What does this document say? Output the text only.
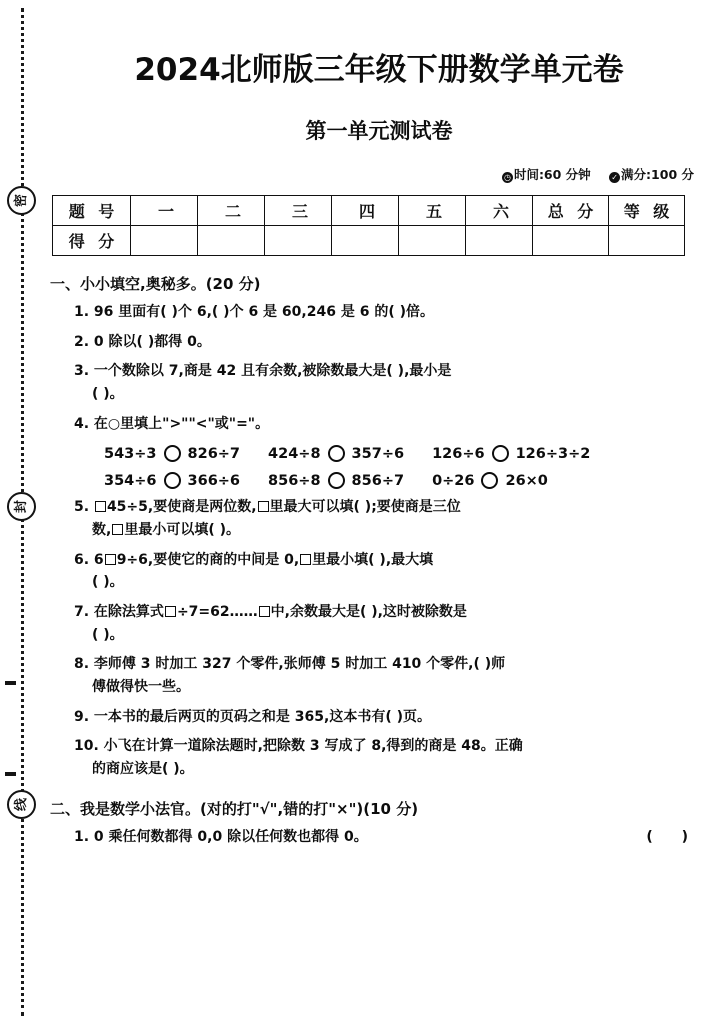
密
封
线
2024北师版三年级下册数学单元卷
第一单元测试卷
◷ 时间:60 分钟	✓ 满分:100 分
题 号	一	二	三	四	五	六	总 分	等 级
得 分								
一、小小填空,奥秘多。(20 分)
1. 96 里面有( )个 6,( )个 6 是 60,246 是 6 的( )倍。
2. 0 除以( )都得 0。
3. 一个数除以 7,商是 42 且有余数,被除数最大是( ),最小是
( )。
4. 在○里填上">""<"或"="。
543÷3 826÷7 424÷8 357÷6 126÷6 126÷3÷2
354÷6 366÷6 856÷8 856÷7 0÷26 26×0
5. 45÷5,要使商是两位数, 里最大可以填( );要使商是三位
数, 里最小可以填( )。
6. 6 9÷6,要使它的商的中间是 0, 里最小填( ),最大填
( )。
7. 在除法算式 ÷7=62…… 中,余数最大是( ),这时被除数是
( )。
8. 李师傅 3 时加工 327 个零件,张师傅 5 时加工 410 个零件,( )师
傅做得快一些。
9. 一本书的最后两页的页码之和是 365,这本书有( )页。
10. 小飞在计算一道除法题时,把除数 3 写成了 8,得到的商是 48。正确
的商应该是( )。
二、我是数学小法官。(对的打"√",错的打"×")(10 分)
( )
1. 0 乘任何数都得 0,0 除以任何数也都得 0。
